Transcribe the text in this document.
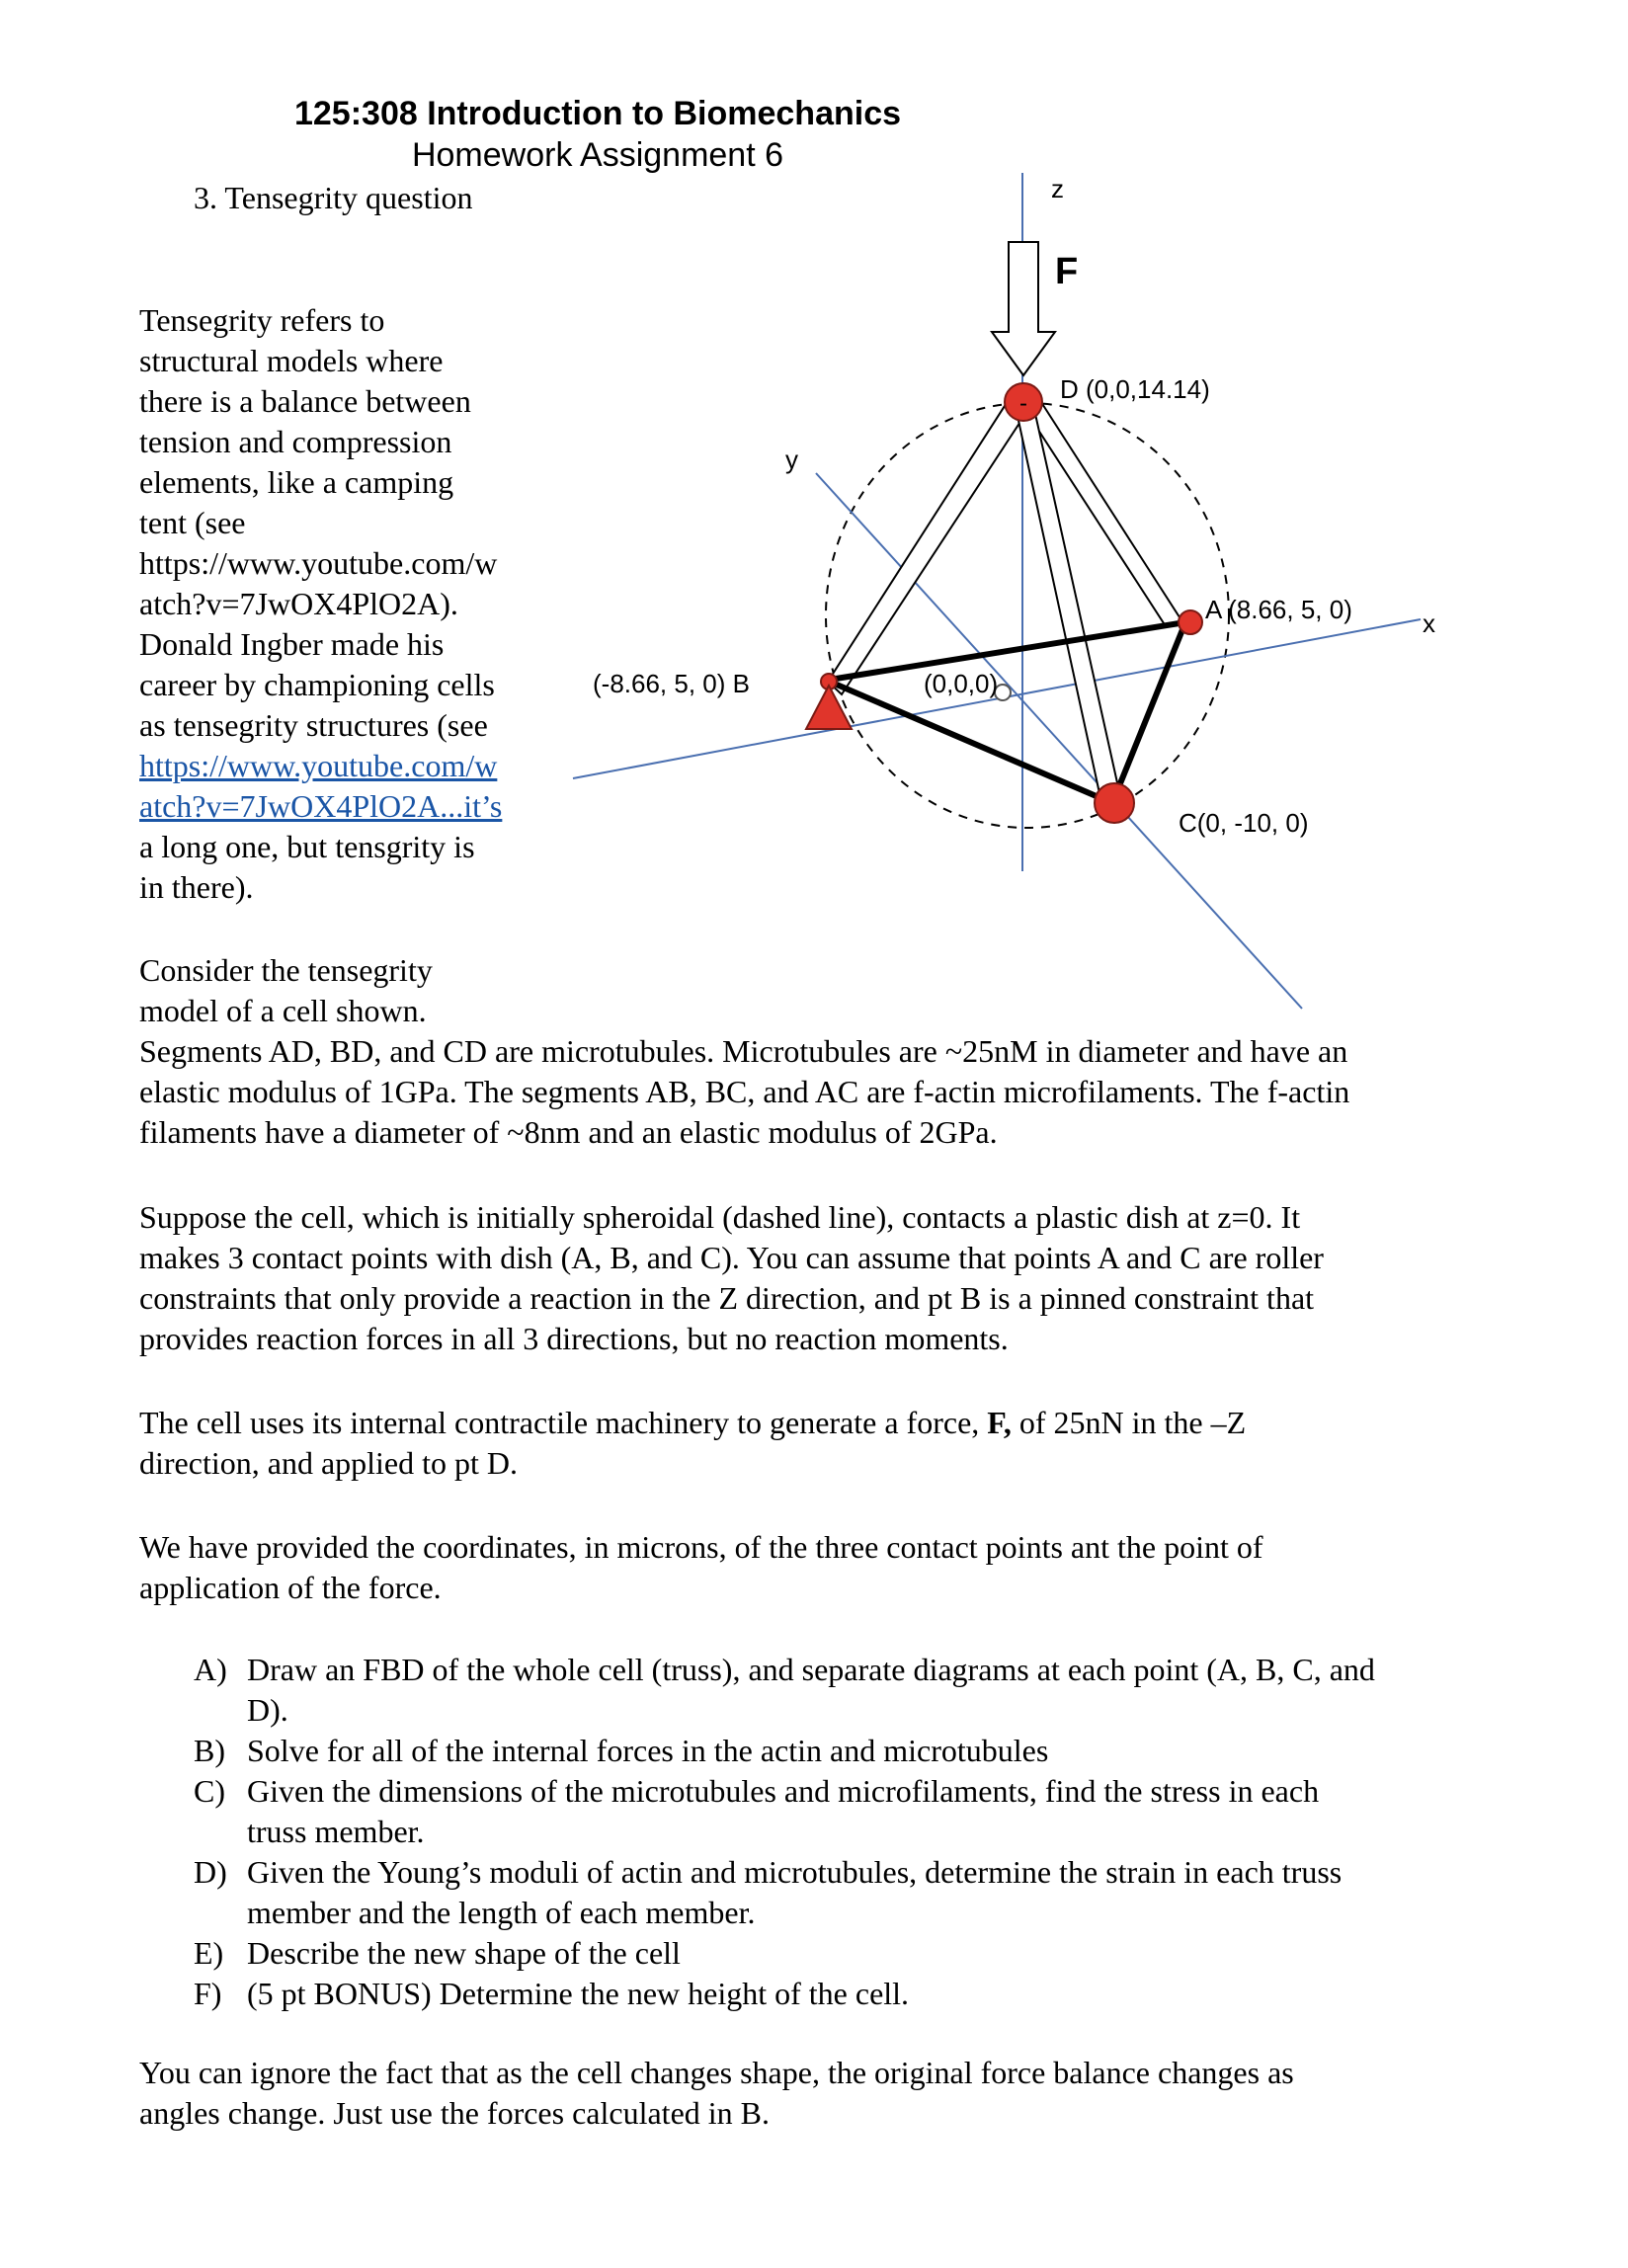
125:308 Introduction to Biomechanics
Homework Assignment 6
3. Tensegrity question
Tensegrity refers to
structural models where
there is a balance between
tension and compression
elements, like a camping
tent (see
https://www.youtube.com/w
atch?v=7JwOX4PlO2A).
Donald Ingber made his
career by championing cells
as tensegrity structures (see
https://www.youtube.com/w
atch?v=7JwOX4PlO2A...it’s
a long one, but tensgrity is
in there).
-
z
F
D (0,0,14.14)
y
A (8.66, 5, 0)	x
(-8.66, 5, 0) B	(0,0,0)
C(0, -10, 0)
Consider the tensegrity
model of a cell shown.
Segments AD, BD, and CD are microtubules. Microtubules are ~25nM in diameter and have an
elastic modulus of 1GPa. The segments AB, BC, and AC are f-actin microfilaments. The f-actin
filaments have a diameter of ~8nm and an elastic modulus of 2GPa.
Suppose the cell, which is initially spheroidal (dashed line), contacts a plastic dish at z=0. It
makes 3 contact points with dish (A, B, and C). You can assume that points A and C are roller
constraints that only provide a reaction in the Z direction, and pt B is a pinned constraint that
provides reaction forces in all 3 directions, but no reaction moments.
The cell uses its internal contractile machinery to generate a force, F, of 25nN in the –Z
direction, and applied to pt D.
We have provided the coordinates, in microns, of the three contact points ant the point of
application of the force.
A) Draw an FBD of the whole cell (truss), and separate diagrams at each point (A, B, C, and
D).
B) Solve for all of the internal forces in the actin and microtubules
C) Given the dimensions of the microtubules and microfilaments, find the stress in each
truss member.
D) Given the Young’s moduli of actin and microtubules, determine the strain in each truss
member and the length of each member.
E) Describe the new shape of the cell
F) (5 pt BONUS) Determine the new height of the cell.
You can ignore the fact that as the cell changes shape, the original force balance changes as
angles change. Just use the forces calculated in B.
